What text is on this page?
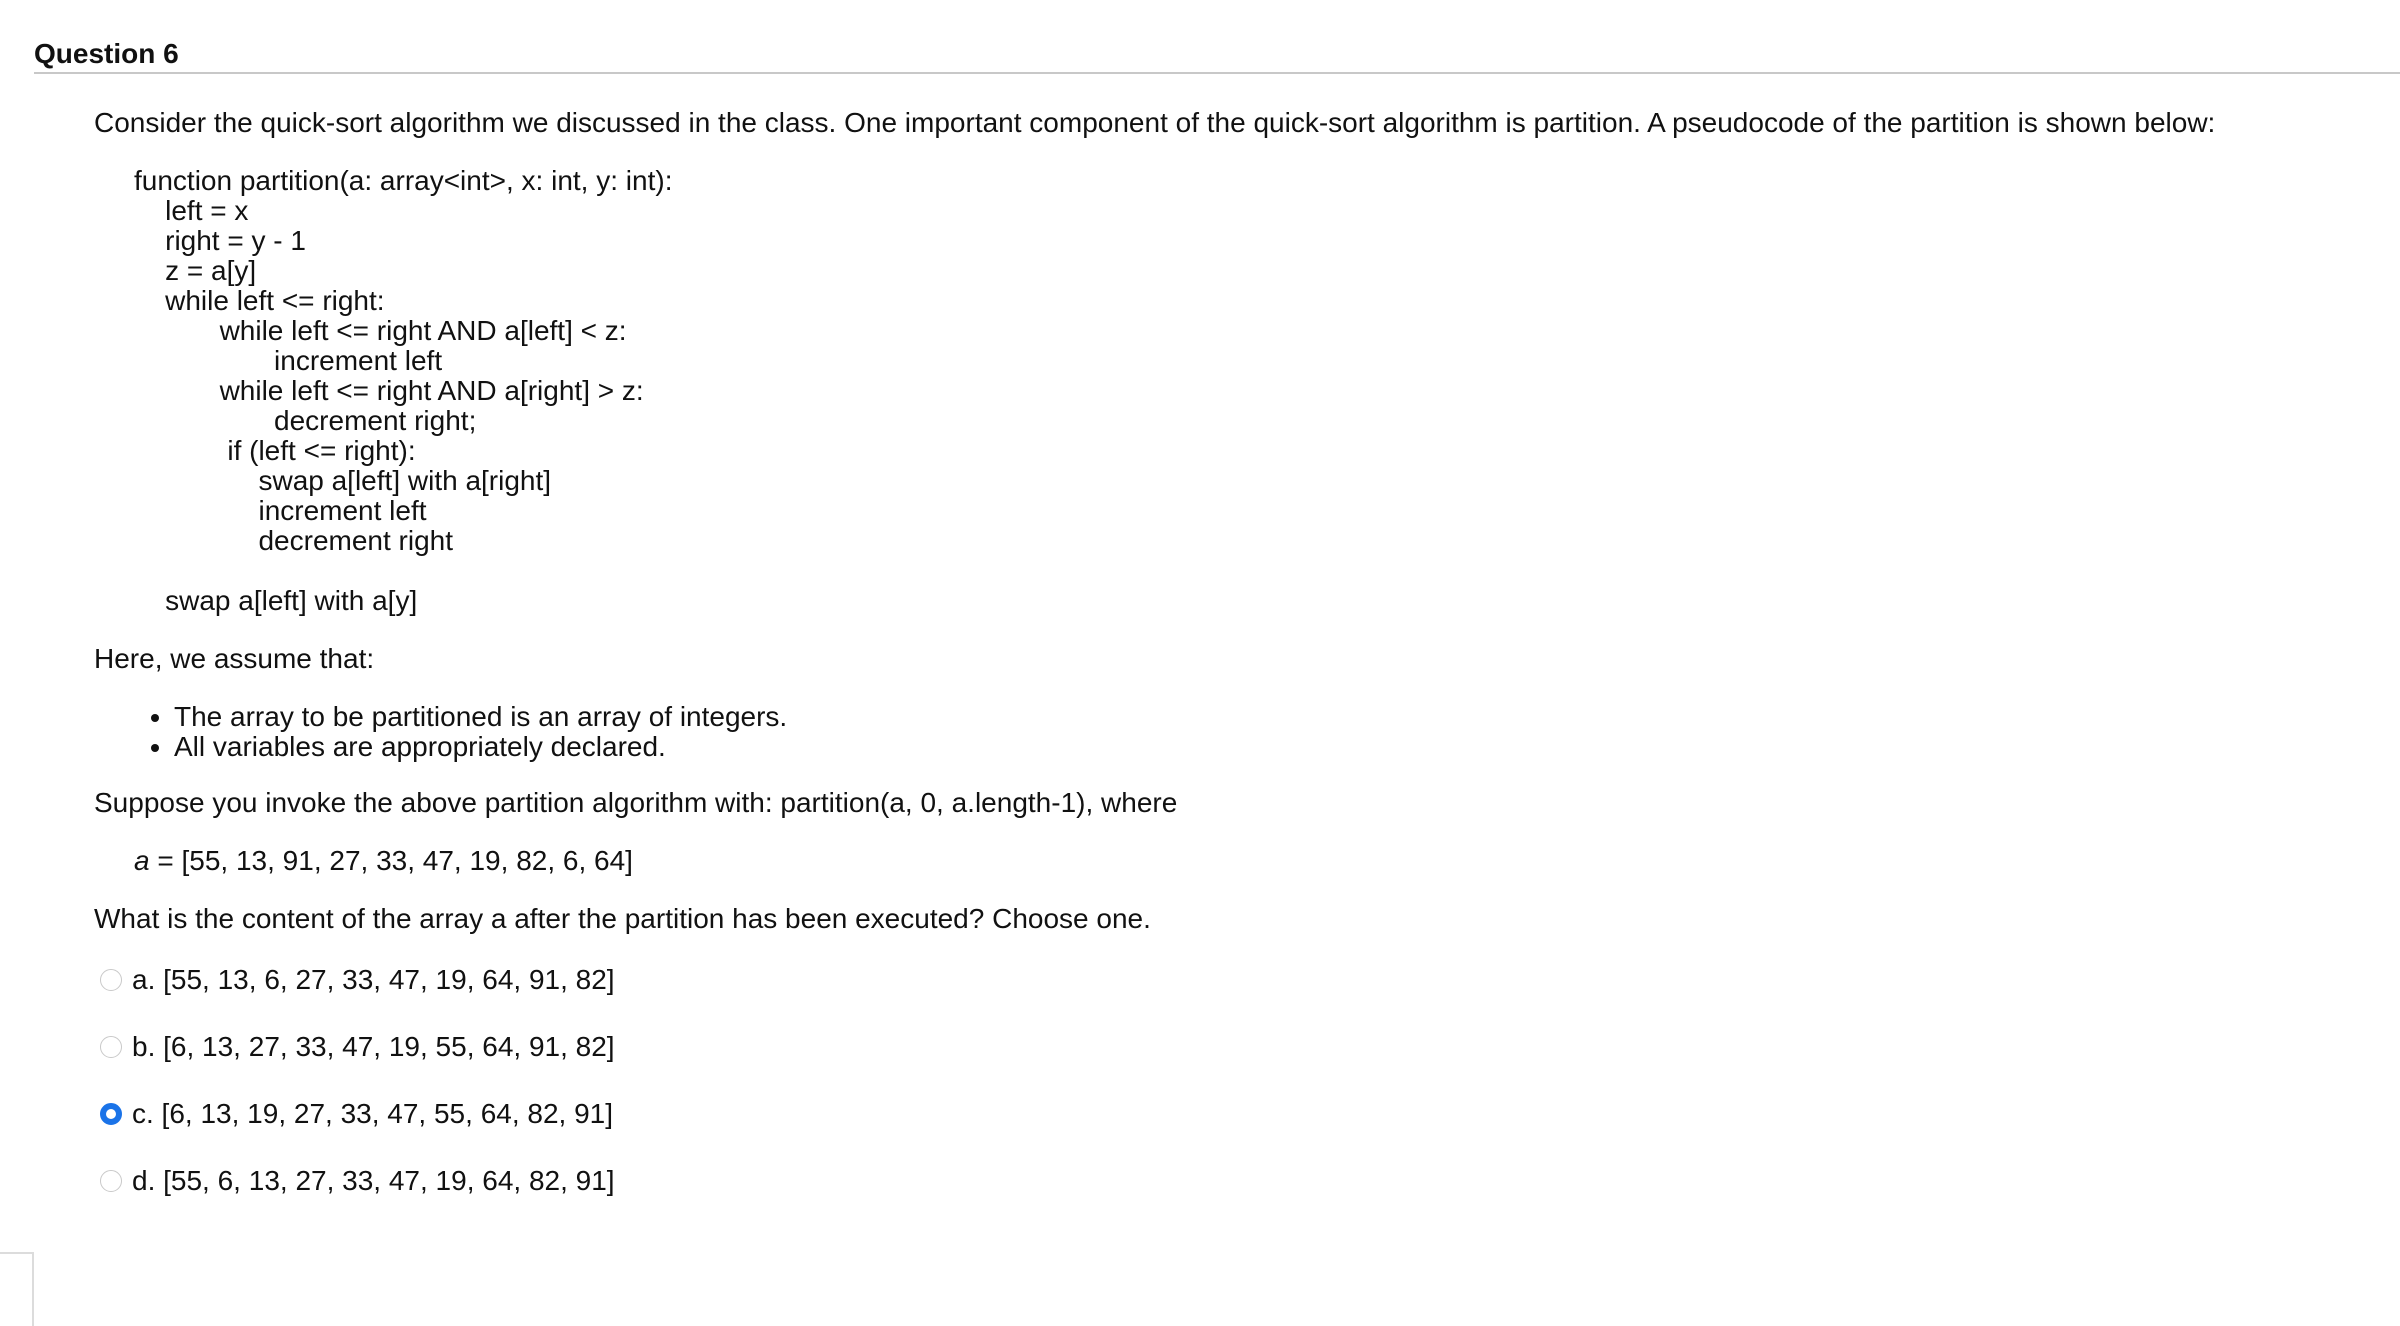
Question 6

Consider the quick-sort algorithm we discussed in the class. One important component of the quick-sort algorithm is partition. A pseudocode of the partition is shown below:

function partition(a: array<int>, x: int, y: int):
left = x
right = y - 1
z = a[y]
while left <= right:
while left <= right AND a[left] < z:
increment left
while left <= right AND a[right] > z:
decrement right;
if (left <= right):
swap a[left] with a[right]
increment left
decrement right
swap a[left] with a[y]

Here, we assume that:

• The array to be partitioned is an array of integers.
• All variables are appropriately declared.

Suppose you invoke the above partition algorithm with: partition(a, 0, a.length-1), where

a = [55, 13, 91, 27, 33, 47, 19, 82, 6, 64]

What is the content of the array a after the partition has been executed? Choose one.

a. [55, 13, 6, 27, 33, 47, 19, 64, 91, 82]
b. [6, 13, 27, 33, 47, 19, 55, 64, 91, 82]
c. [6, 13, 19, 27, 33, 47, 55, 64, 82, 91]
d. [55, 6, 13, 27, 33, 47, 19, 64, 82, 91]
